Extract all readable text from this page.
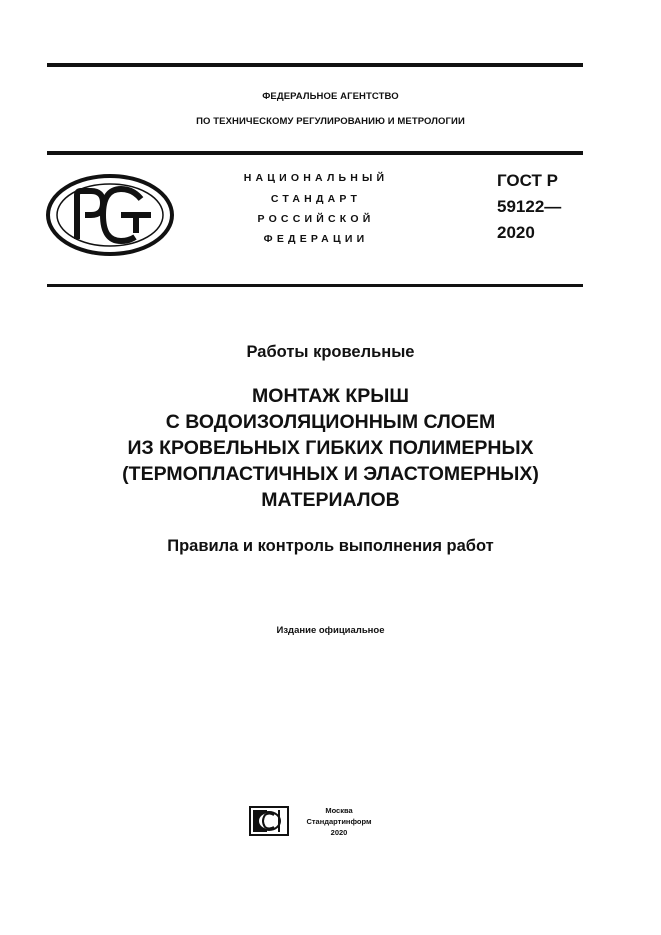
ФЕДЕРАЛЬНОЕ АГЕНТСТВО
ПО ТЕХНИЧЕСКОМУ РЕГУЛИРОВАНИЮ И МЕТРОЛОГИИ
НАЦИОНАЛЬНЫЙ
СТАНДАРТ
РОССИЙСКОЙ
ФЕДЕРАЦИИ
ГОСТ Р
59122—
2020
Работы кровельные
МОНТАЖ КРЫШ
С ВОДОИЗОЛЯЦИОННЫМ СЛОЕМ
ИЗ КРОВЕЛЬНЫХ ГИБКИХ ПОЛИМЕРНЫХ
(ТЕРМОПЛАСТИЧНЫХ И ЭЛАСТОМЕРНЫХ)
МАТЕРИАЛОВ
Правила и контроль выполнения работ
Издание официальное
Москва
Стандартинформ
2020
